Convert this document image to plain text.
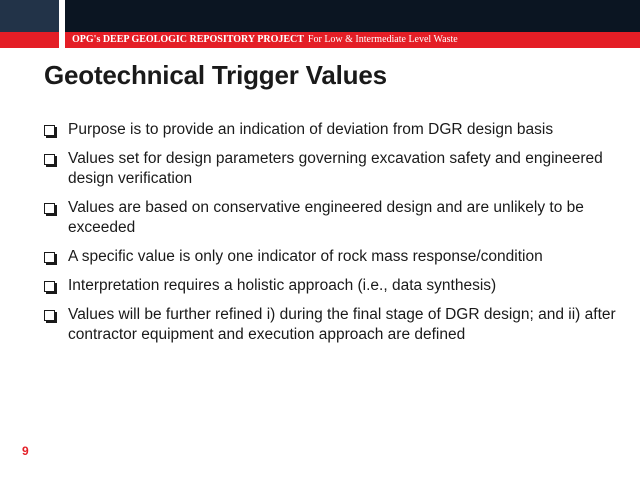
OPG's DEEP GEOLOGIC REPOSITORY PROJECT For Low & Intermediate Level Waste
Geotechnical Trigger Values
Purpose is to provide an indication of deviation from DGR design basis
Values set for design parameters governing excavation safety and engineered design verification
Values are based on conservative engineered design and are unlikely to be exceeded
A specific value is only one indicator of rock mass response/condition
Interpretation requires a holistic approach (i.e., data synthesis)
Values will be further refined i) during the final stage of DGR design; and ii) after contractor equipment and execution approach are defined
9
